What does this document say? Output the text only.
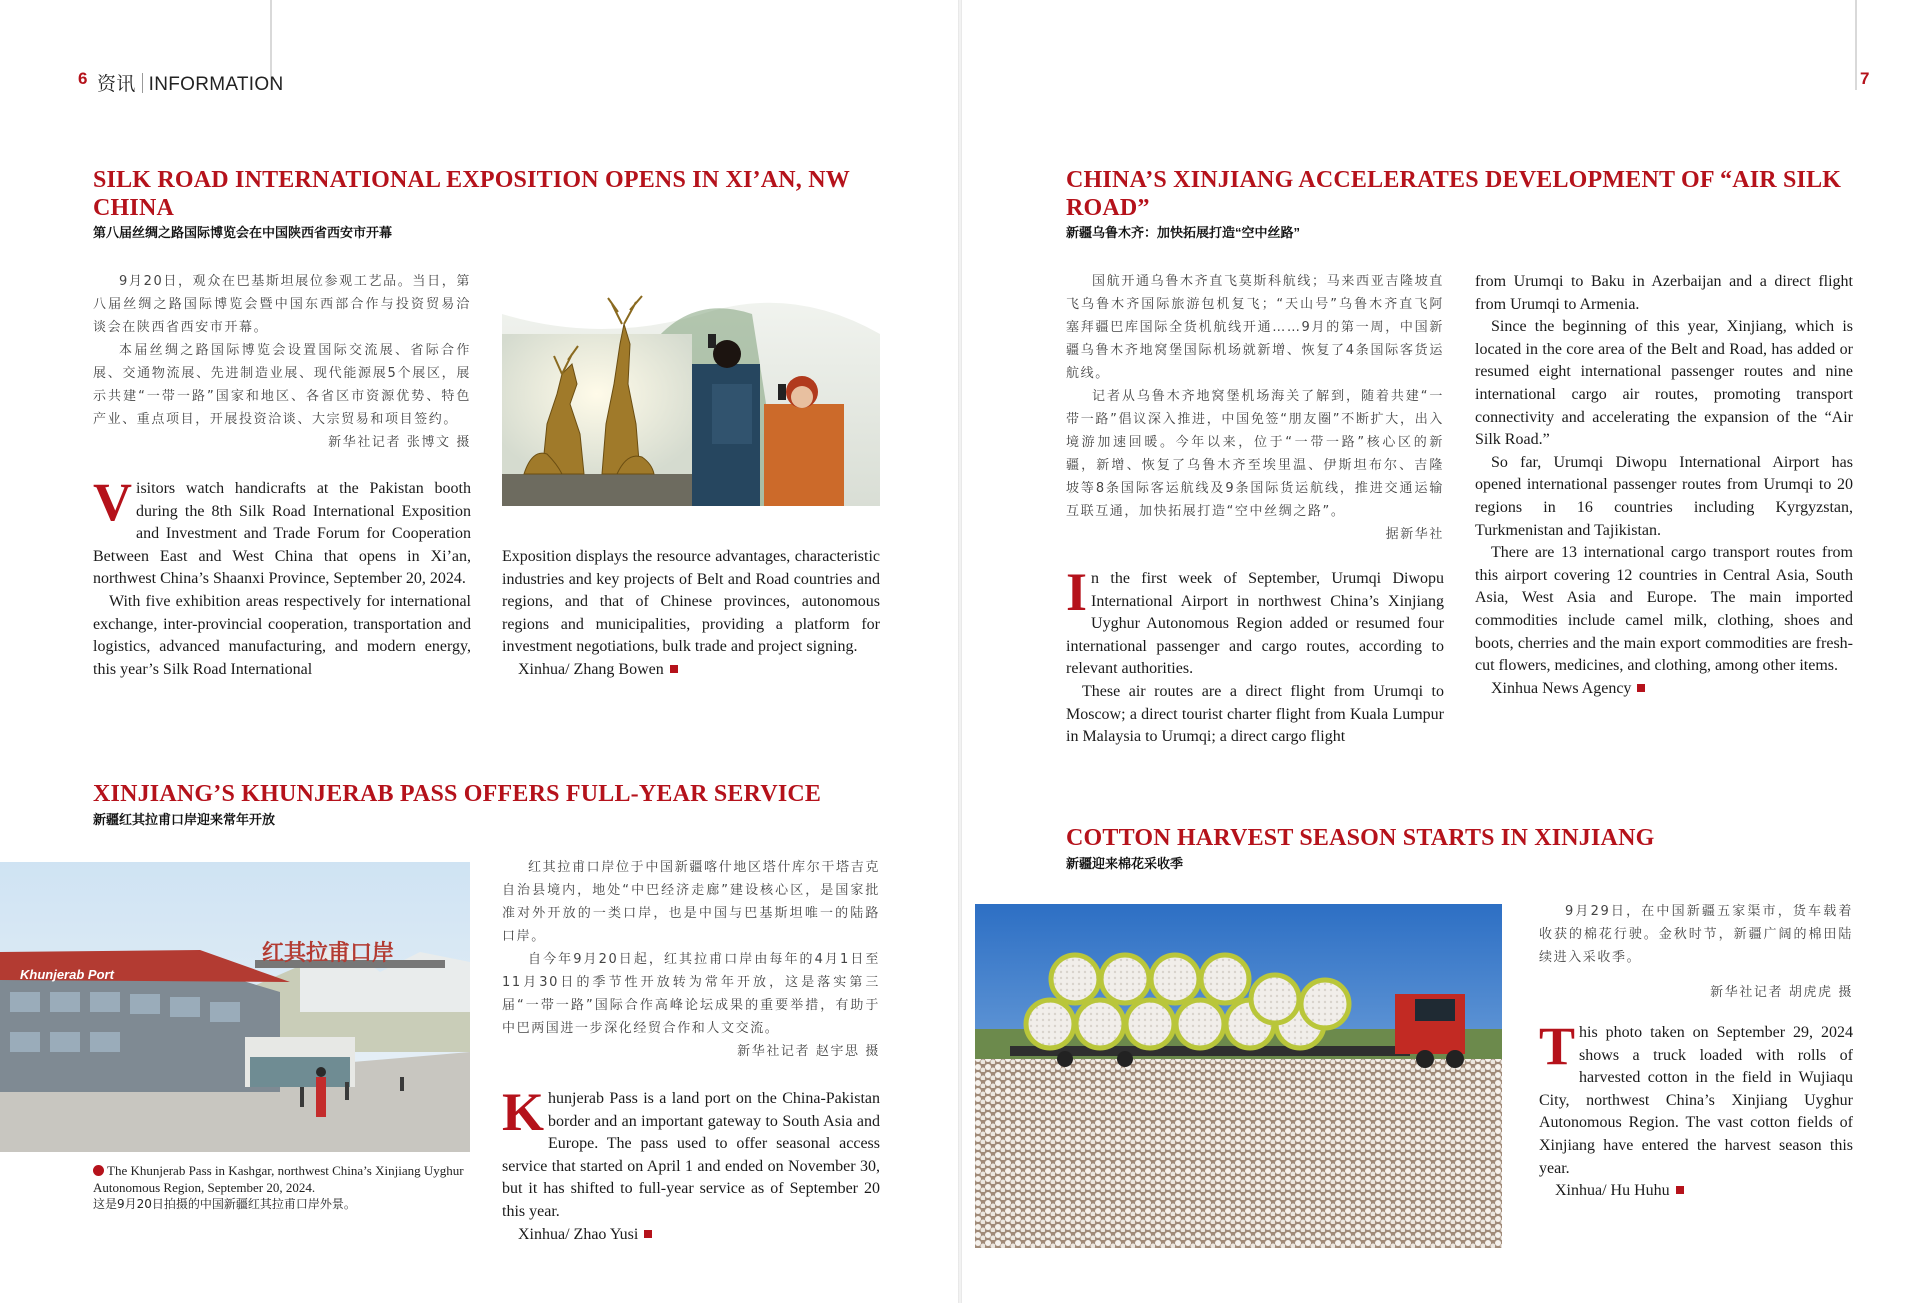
6 资讯 INFORMATION	7
SILK ROAD INTERNATIONAL EXPOSITION OPENS IN XI’AN, NW CHINA
第八届丝绸之路国际博览会在中国陕西省西安市开幕

9月20日，观众在巴基斯坦展位参观工艺品。当日，第八届丝绸之路国际博览会暨中国东西部合作与投资贸易洽谈会在陕西省西安市开幕。

本届丝绸之路国际博览会设置国际交流展、省际合作展、交通物流展、先进制造业展、现代能源展5个展区，展示共建“一带一路”国家和地区、各省区市资源优势、特色产业、重点项目，开展投资洽谈、大宗贸易和项目签约。

新华社记者 张博文 摄

Visitors watch handicrafts at the Pakistan booth during the 8th Silk Road International Exposition and Investment and Trade Forum for Cooperation Between East and West China that opens in Xi’an, northwest China’s Shaanxi Province, September 20, 2024.

With five exhibition areas respectively for international exchange, inter-provincial cooperation, transportation and logistics, advanced manufacturing, and modern energy, this year’s Silk Road International

Exposition displays the resource advantages, characteristic industries and key projects of Belt and Road countries and regions, and that of Chinese provinces, autonomous regions and municipalities, providing a platform for investment negotiations, bulk trade and project signing.

Xinhua/ Zhang Bowen

XINJIANG’S KHUNJERAB PASS OFFERS FULL-YEAR SERVICE
新疆红其拉甫口岸迎来常年开放
红其拉甫口岸
Khunjerab Port
The Khunjerab Pass in Kashgar, northwest China’s Xinjiang Uyghur Autonomous Region, September 20, 2024.
这是9月20日拍摄的中国新疆红其拉甫口岸外景。

红其拉甫口岸位于中国新疆喀什地区塔什库尔干塔吉克自治县境内，地处“中巴经济走廊”建设核心区，是国家批准对外开放的一类口岸，也是中国与巴基斯坦唯一的陆路口岸。

自今年9月20日起，红其拉甫口岸由每年的4月1日至11月30日的季节性开放转为常年开放，这是落实第三届“一带一路”国际合作高峰论坛成果的重要举措，有助于中巴两国进一步深化经贸合作和人文交流。

新华社记者 赵宇思 摄

Khunjerab Pass is a land port on the China-Pakistan border and an important gateway to South Asia and Europe. The pass used to offer seasonal access service that started on April 1 and ended on November 30, but it has shifted to full-year service as of September 20 this year.

Xinhua/ Zhao Yusi

CHINA’S XINJIANG ACCELERATES DEVELOPMENT OF “AIR SILK ROAD”
新疆乌鲁木齐：加快拓展打造“空中丝路”

国航开通乌鲁木齐直飞莫斯科航线；马来西亚吉隆坡直飞乌鲁木齐国际旅游包机复飞；“天山号”乌鲁木齐直飞阿塞拜疆巴库国际全货机航线开通……9月的第一周，中国新疆乌鲁木齐地窝堡国际机场就新增、恢复了4条国际客货运航线。

记者从乌鲁木齐地窝堡机场海关了解到，随着共建“一带一路”倡议深入推进，中国免签“朋友圈”不断扩大，出入境游加速回暖。今年以来，位于“一带一路”核心区的新疆，新增、恢复了乌鲁木齐至埃里温、伊斯坦布尔、吉隆坡等8条国际客运航线及9条国际货运航线，推进交通运输互联互通，加快拓展打造“空中丝绸之路”。

据新华社

In the first week of September, Urumqi Diwopu International Airport in northwest China’s Xinjiang Uyghur Autonomous Region added or resumed four international passenger and cargo routes, according to relevant authorities.

These air routes are a direct flight from Urumqi to Moscow; a direct tourist charter flight from Kuala Lumpur in Malaysia to Urumqi; a direct cargo flight

from Urumqi to Baku in Azerbaijan and a direct flight from Urumqi to Armenia.

Since the beginning of this year, Xinjiang, which is located in the core area of the Belt and Road, has added or resumed eight international passenger routes and nine international cargo air routes, promoting transport connectivity and accelerating the expansion of the “Air Silk Road.”

So far, Urumqi Diwopu International Airport has opened international passenger routes from Urumqi to 20 regions in 16 countries including Kyrgyzstan, Turkmenistan and Tajikistan.

There are 13 international cargo transport routes from this airport covering 12 countries in Central Asia, South Asia, West Asia and Europe. The main imported commodities include camel milk, clothing, shoes and boots, cherries and the main export commodities are fresh-cut flowers, medicines, and clothing, among other items.

Xinhua News Agency

COTTON HARVEST SEASON STARTS IN XINJIANG
新疆迎来棉花采收季

9月29日，在中国新疆五家渠市，货车载着收获的棉花行驶。金秋时节，新疆广阔的棉田陆续进入采收季。

新华社记者 胡虎虎 摄

This photo taken on September 29, 2024 shows a truck loaded with rolls of harvested cotton in the field in Wujiaqu City, northwest China’s Xinjiang Uyghur Autonomous Region. The vast cotton fields of Xinjiang have entered the harvest season this year.

Xinhua/ Hu Huhu
